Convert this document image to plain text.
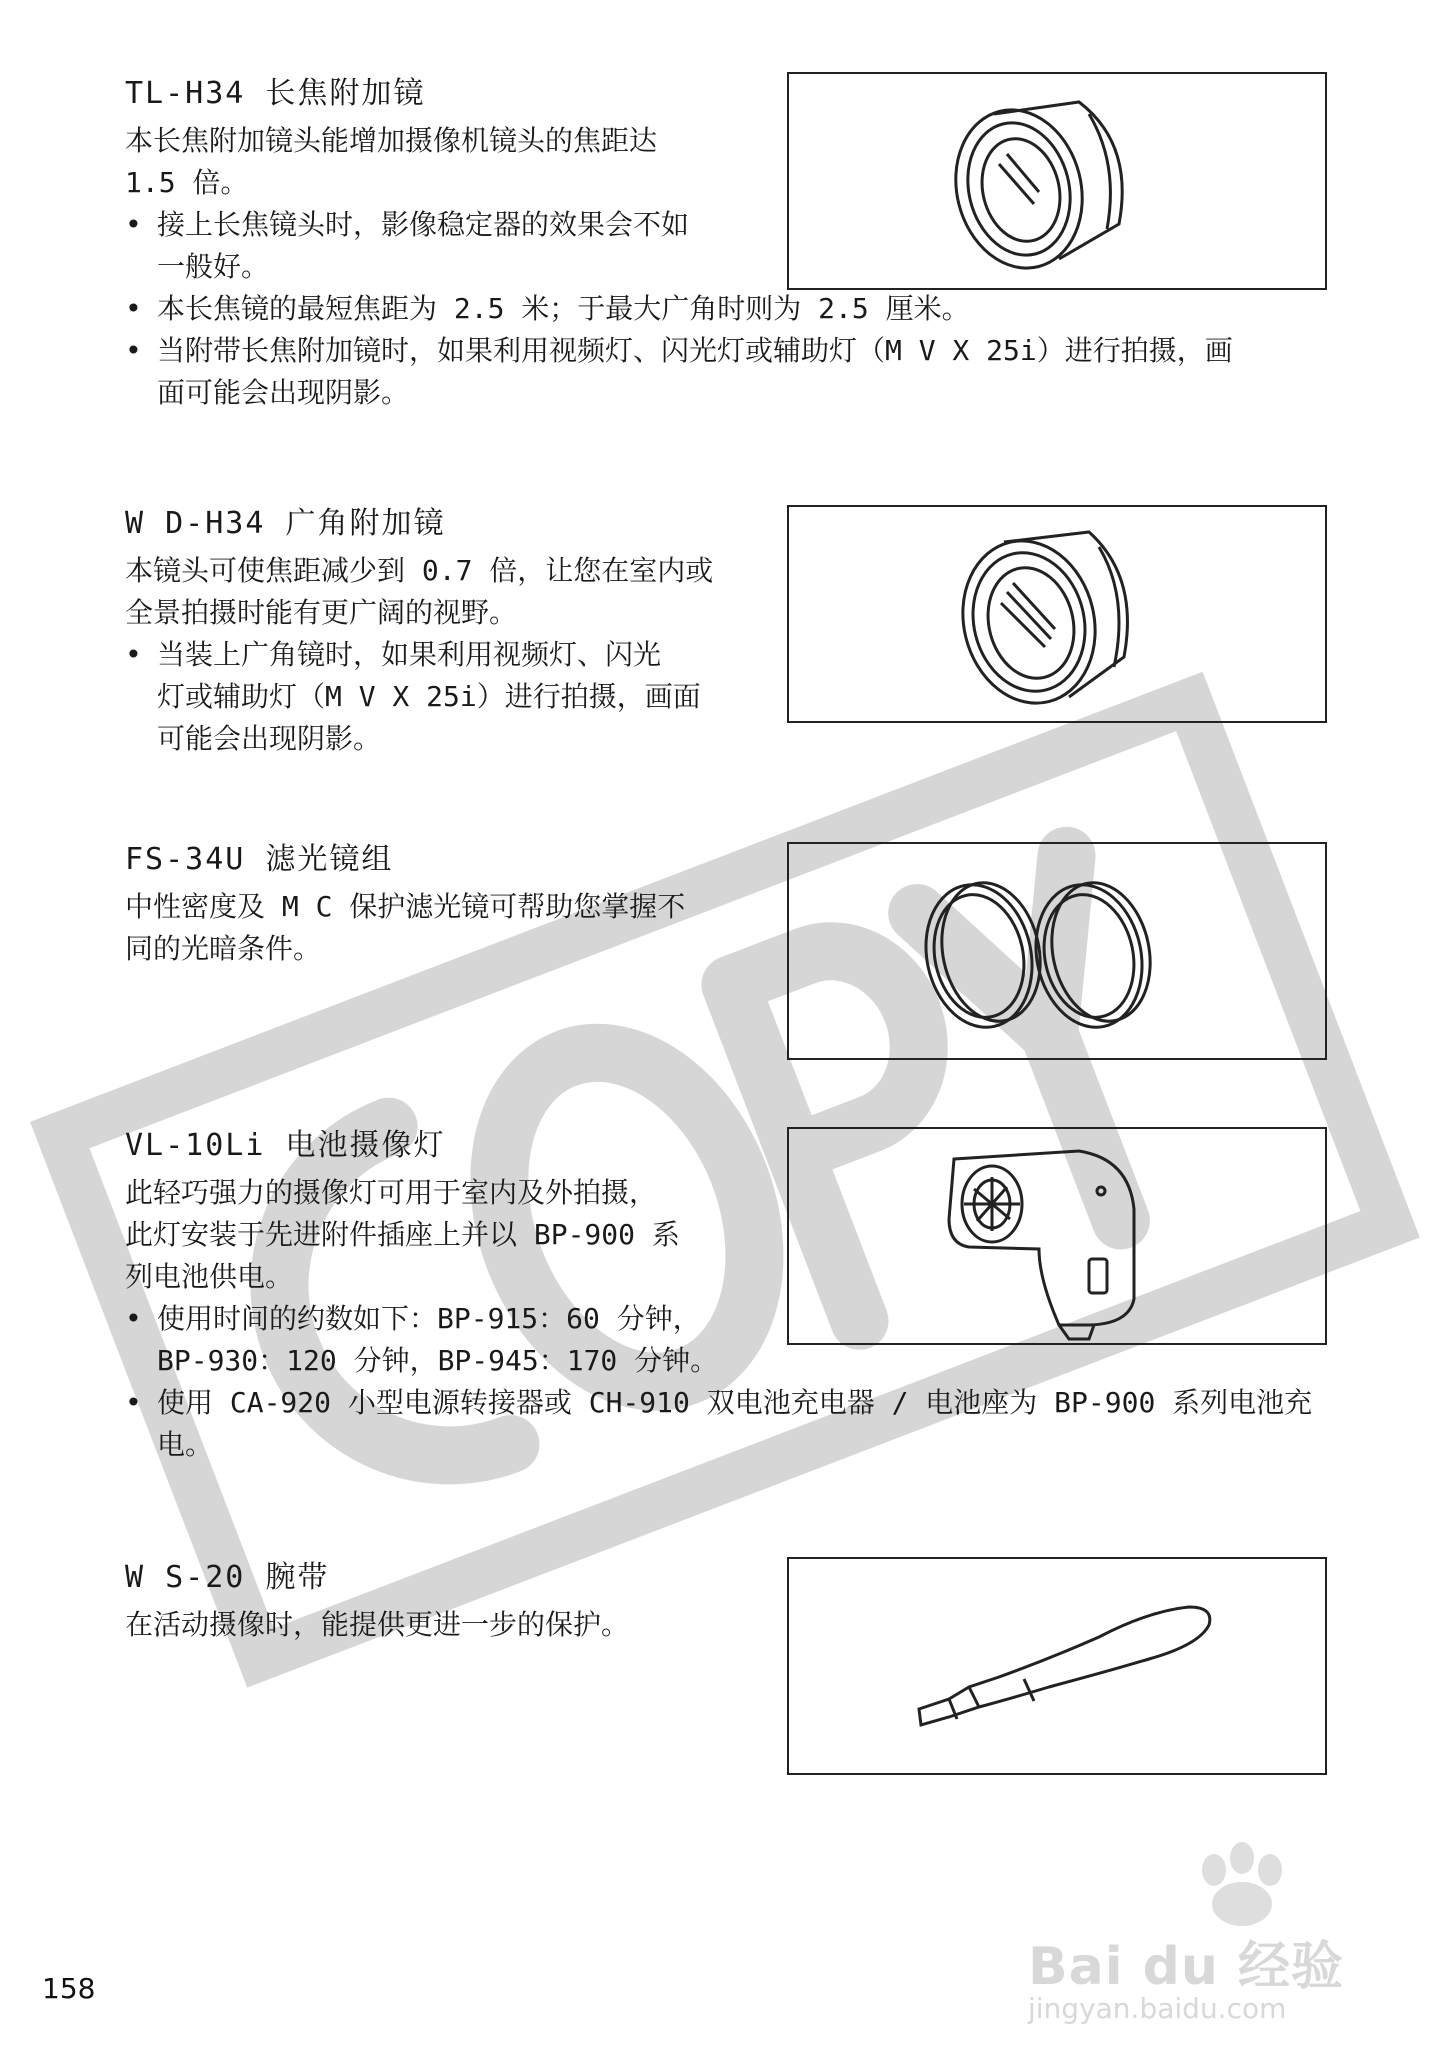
TL-H34 长焦附加镜

本长焦附加镜头能增加摄像机镜头的焦距达

1.5 倍。

• 接上长焦镜头时，影像稳定器的效果会不如
一般好。

• 本长焦镜的最短焦距为 2.5 米；于最大广角时则为 2.5 厘米。

• 当附带长焦附加镜时，如果利用视频灯、闪光灯或辅助灯（M V X 25i）进行拍摄，画
面可能会出现阴影。

W D-H34 广角附加镜

本镜头可使焦距减少到 0.7 倍，让您在室内或

全景拍摄时能有更广阔的视野。

• 当装上广角镜时，如果利用视频灯、闪光
灯或辅助灯（M V X 25i）进行拍摄，画面
可能会出现阴影。

FS-34U 滤光镜组

中性密度及 M C 保护滤光镜可帮助您掌握不

同的光暗条件。

VL-10Li 电池摄像灯

此轻巧强力的摄像灯可用于室内及外拍摄，

此灯安装于先进附件插座上并以 BP-900 系

列电池供电。

• 使用时间的约数如下：BP-915：60 分钟，
BP-930：120 分钟，BP-945：170 分钟。

• 使用 CA-920 小型电源转接器或 CH-910 双电池充电器 / 电池座为 BP-900 系列电池充
电。

W S-20 腕带

在活动摄像时，能提供更进一步的保护。

158	Bai du 经验
jingyan.baidu.com
